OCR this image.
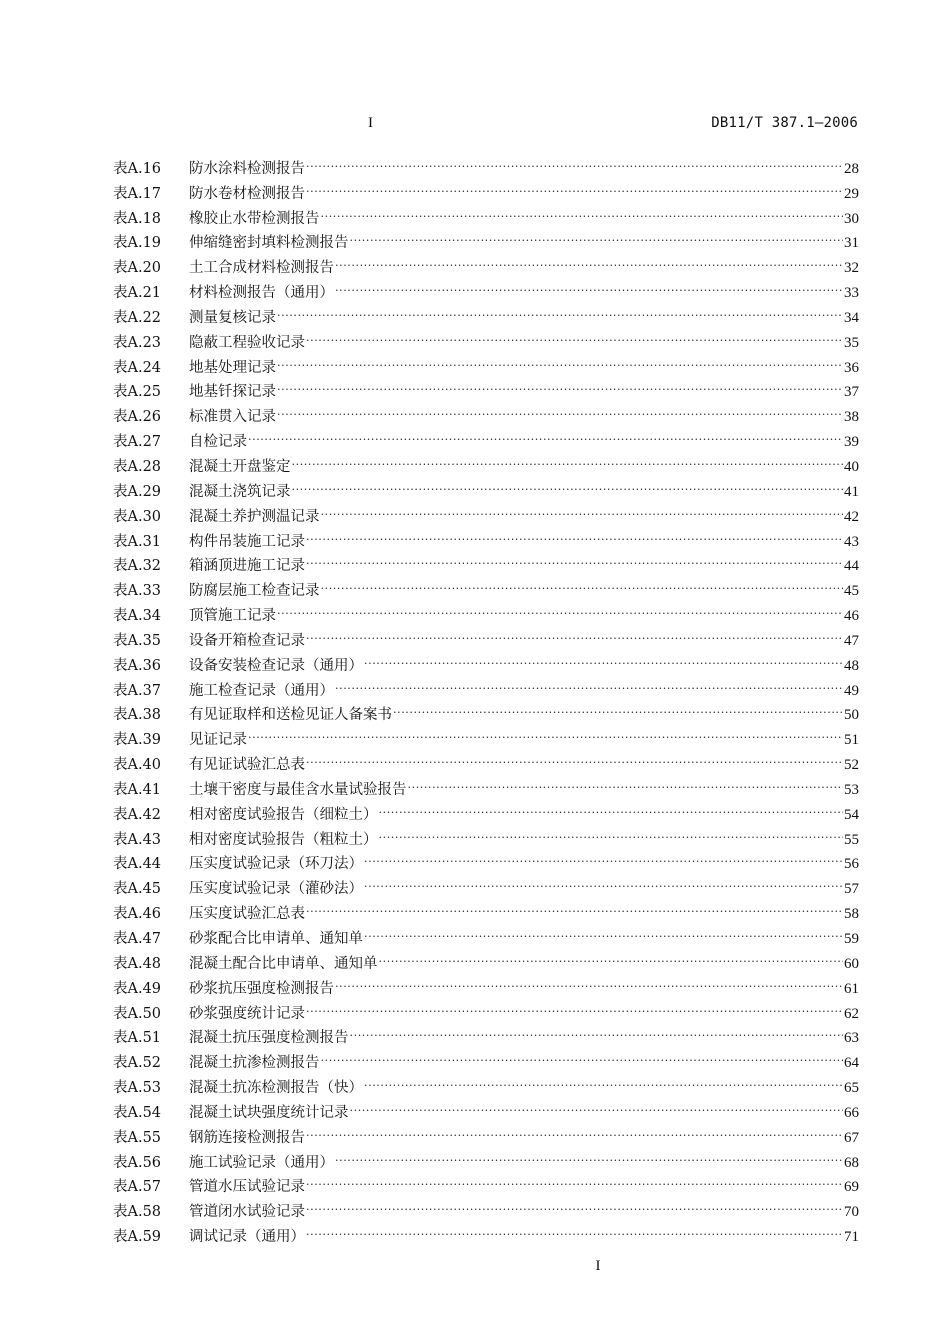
I	DB11/T 387.1—2006
表A.16	防水涂料检测报告 .....	28
表A.17	防水卷材检测报告 .....	29
表A.18	橡胶止水带检测报告 .....	30
表A.19	伸缩缝密封填料检测报告 .....	31
表A.20	土工合成材料检测报告 .....	32
表A.21	材料检测报告（通用） .....	33
表A.22	测量复核记录 .....	34
表A.23	隐蔽工程验收记录 .....	35
表A.24	地基处理记录 .....	36
表A.25	地基钎探记录 .....	37
表A.26	标准贯入记录 .....	38
表A.27	自检记录 .....	39
表A.28	混凝土开盘鉴定 .....	40
表A.29	混凝土浇筑记录 .....	41
表A.30	混凝土养护测温记录 .....	42
表A.31	构件吊装施工记录 .....	43
表A.32	箱涵顶进施工记录 .....	44
表A.33	防腐层施工检查记录 .....	45
表A.34	顶管施工记录 .....	46
表A.35	设备开箱检查记录 .....	47
表A.36	设备安装检查记录（通用） .....	48
表A.37	施工检查记录（通用） .....	49
表A.38	有见证取样和送检见证人备案书 .....	50
表A.39	见证记录 .....	51
表A.40	有见证试验汇总表 .....	52
表A.41	土壤干密度与最佳含水量试验报告 .....	53
表A.42	相对密度试验报告（细粒土） .....	54
表A.43	相对密度试验报告（粗粒土） .....	55
表A.44	压实度试验记录（环刀法） .....	56
表A.45	压实度试验记录（灌砂法） .....	57
表A.46	压实度试验汇总表 .....	58
表A.47	砂浆配合比申请单、通知单 .....	59
表A.48	混凝土配合比申请单、通知单 .....	60
表A.49	砂浆抗压强度检测报告 .....	61
表A.50	砂浆强度统计记录 .....	62
表A.51	混凝土抗压强度检测报告 .....	63
表A.52	混凝土抗渗检测报告 .....	64
表A.53	混凝土抗冻检测报告（快） .....	65
表A.54	混凝土试块强度统计记录 .....	66
表A.55	钢筋连接检测报告 .....	67
表A.56	施工试验记录（通用） .....	68
表A.57	管道水压试验记录 .....	69
表A.58	管道闭水试验记录 .....	70
表A.59	调试记录（通用） .....	71
I
